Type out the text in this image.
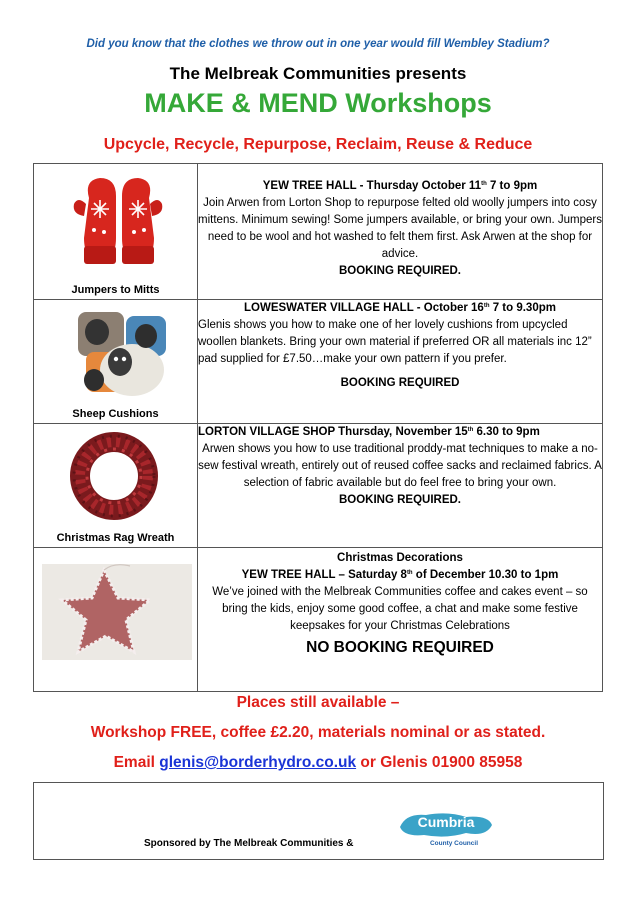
Did you know that the clothes we throw out in one year would fill Wembley Stadium?
The Melbreak Communities presents
MAKE & MEND Workshops
Upcycle, Recycle, Repurpose, Reclaim, Reuse & Reduce
Jumpers to Mitts	YEW TREE HALL - Thursday October 11th 7 to 9pm
Join Arwen from Lorton Shop to repurpose felted old woolly jumpers into cosy mittens. Minimum sewing! Some jumpers available, or bring your own. Jumpers need to be wool and hot washed to felt them first. Ask Arwen at the shop for advice.
BOOKING REQUIRED.

Sheep Cushions	LOWESWATER VILLAGE HALL - October 16th 7 to 9.30pm
Glenis shows you how to make one of her lovely cushions from upcycled woollen blankets. Bring your own material if preferred OR all materials inc 12” pad supplied for £7.50…make your own pattern if you prefer.
BOOKING REQUIRED

Christmas Rag Wreath	LORTON VILLAGE SHOP Thursday, November 15th 6.30 to 9pm
Arwen shows you how to use traditional proddy-mat techniques to make a no-sew festival wreath, entirely out of reused coffee sacks and reclaimed fabrics. A selection of fabric available but do feel free to bring your own.
BOOKING REQUIRED.

Christmas Decorations
YEW TREE HALL – Saturday 8th of December 10.30 to 1pm
We’ve joined with the Melbreak Communities coffee and cakes event – so bring the kids, enjoy some good coffee, a chat and make some festive keepsakes for your Christmas Celebrations
NO BOOKING REQUIRED
Places still available –
Workshop FREE, coffee £2.20, materials nominal or as stated.
Email glenis@borderhydro.co.uk or Glenis 01900 85958
Sponsored by The Melbreak Communities &
Cumbria
County Council
